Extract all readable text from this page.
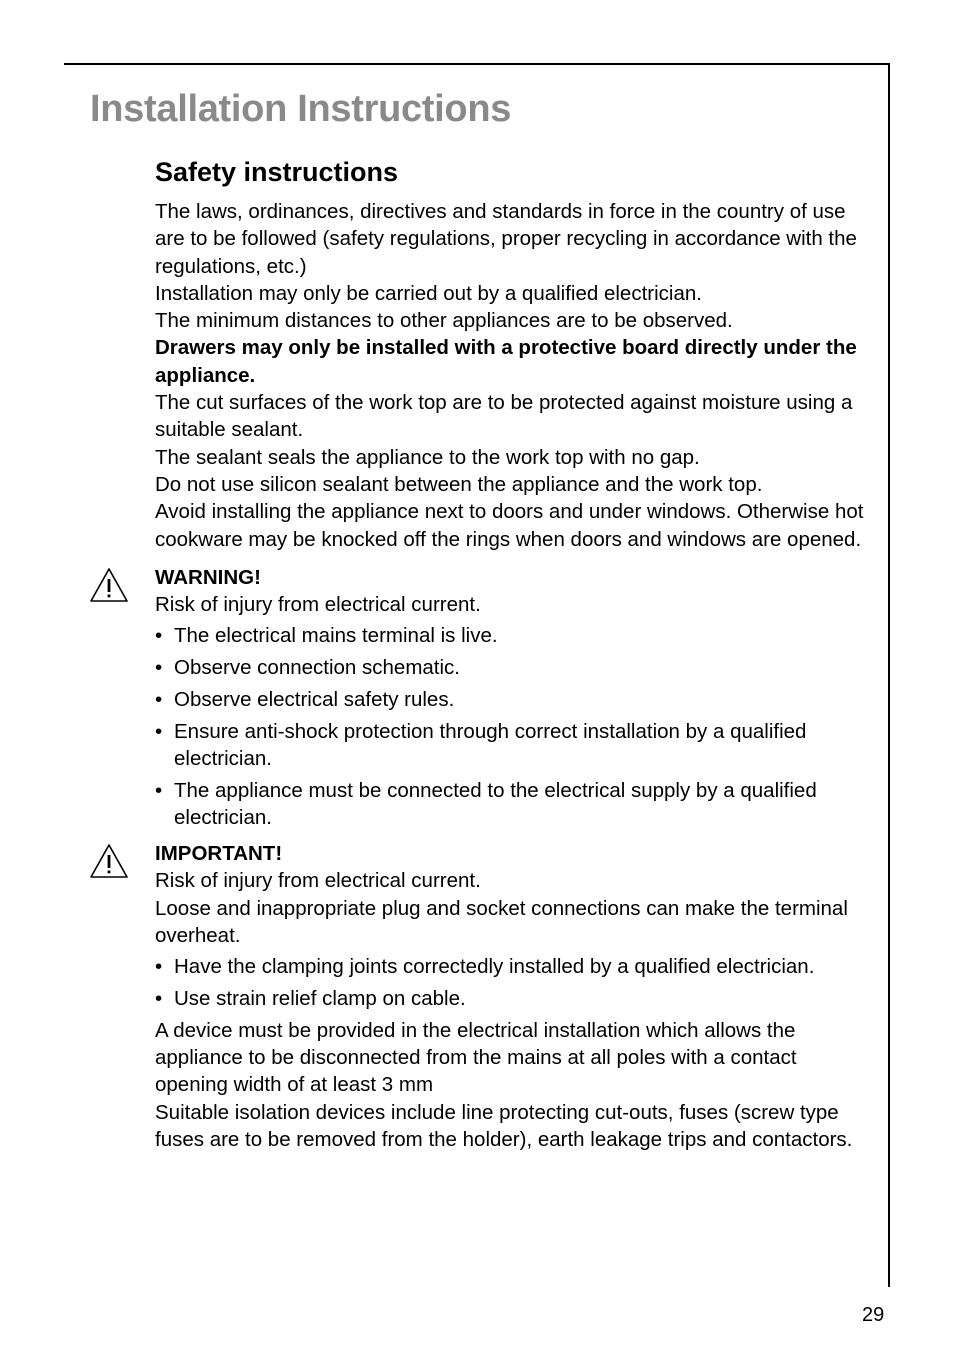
Installation Instructions
Safety instructions

The laws, ordinances, directives and standards in force in the country of use are to be followed (safety regulations, proper recycling in accordance with the regulations, etc.)

Installation may only be carried out by a qualified electrician.

The minimum distances to other appliances are to be observed.

Drawers may only be installed with a protective board directly under the appliance.

The cut surfaces of the work top are to be protected against moisture using a suitable sealant.

The sealant seals the appliance to the work top with no gap.

Do not use silicon sealant between the appliance and the work top.

Avoid installing the appliance next to doors and under windows. Otherwise hot cookware may be knocked off the rings when doors and windows are opened.

WARNING!

Risk of injury from electrical current.

• The electrical mains terminal is live.
• Observe connection schematic.
• Observe electrical safety rules.
• Ensure anti-shock protection through correct installation by a qualified electrician.
• The appliance must be connected to the electrical supply by a qualified electrician.

IMPORTANT!

Risk of injury from electrical current.

Loose and inappropriate plug and socket connections can make the terminal overheat.

• Have the clamping joints correctedly installed by a qualified electrician.
• Use strain relief clamp on cable.

A device must be provided in the electrical installation which allows the appliance to be disconnected from the mains at all poles with a contact opening width of at least 3 mm

Suitable isolation devices include line protecting cut-outs, fuses (screw type fuses are to be removed from the holder), earth leakage trips and contactors.

29
